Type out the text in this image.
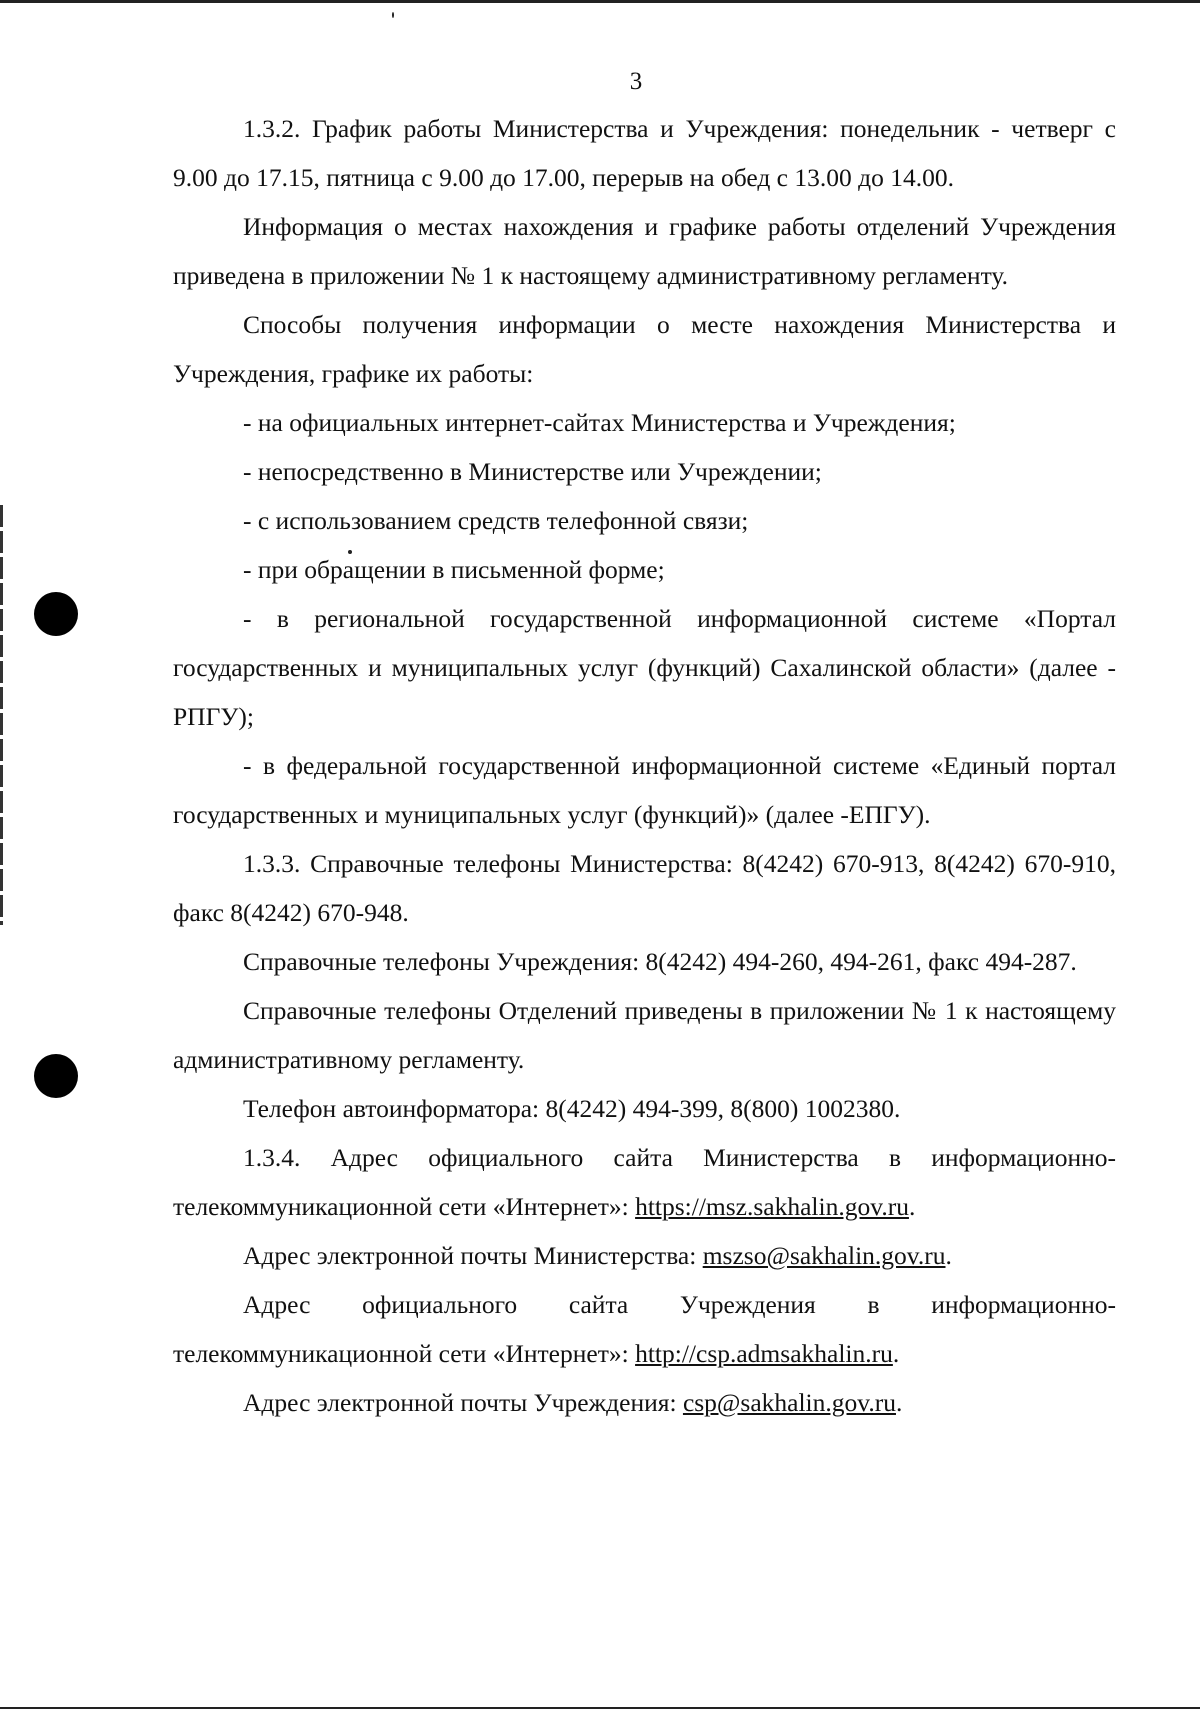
3

1.3.2. График работы Министерства и Учреждения: понедельник - четверг с 9.00 до 17.15, пятница с 9.00 до 17.00, перерыв на обед с 13.00 до 14.00.

Информация о местах нахождения и графике работы отделений Учреждения приведена в приложении № 1 к настоящему административному регламенту.

Способы получения информации о месте нахождения Министерства и Учреждения, графике их работы:

- на официальных интернет-сайтах Министерства и Учреждения;

- непосредственно в Министерстве или Учреждении;

- с использованием средств телефонной связи;

- при обращении в письменной форме;

- в региональной государственной информационной системе «Портал государственных и муниципальных услуг (функций) Сахалинской области» (далее - РПГУ);

- в федеральной государственной информационной системе «Единый портал государственных и муниципальных услуг (функций)» (далее -ЕПГУ).

1.3.3. Справочные телефоны Министерства: 8(4242) 670-913, 8(4242) 670-910, факс 8(4242) 670-948.

Справочные телефоны Учреждения: 8(4242) 494-260, 494-261, факс 494-287.

Справочные телефоны Отделений приведены в приложении № 1 к настоящему административному регламенту.

Телефон автоинформатора: 8(4242) 494-399, 8(800) 1002380.

1.3.4. Адрес официального сайта Министерства в информационно-телекоммуникационной сети «Интернет»: https://msz.sakhalin.gov.ru.

Адрес электронной почты Министерства: mszso@sakhalin.gov.ru.

Адрес официального сайта Учреждения в информационно-телекоммуникационной сети «Интернет»: http://csp.admsakhalin.ru.

Адрес электронной почты Учреждения: csp@sakhalin.gov.ru.
